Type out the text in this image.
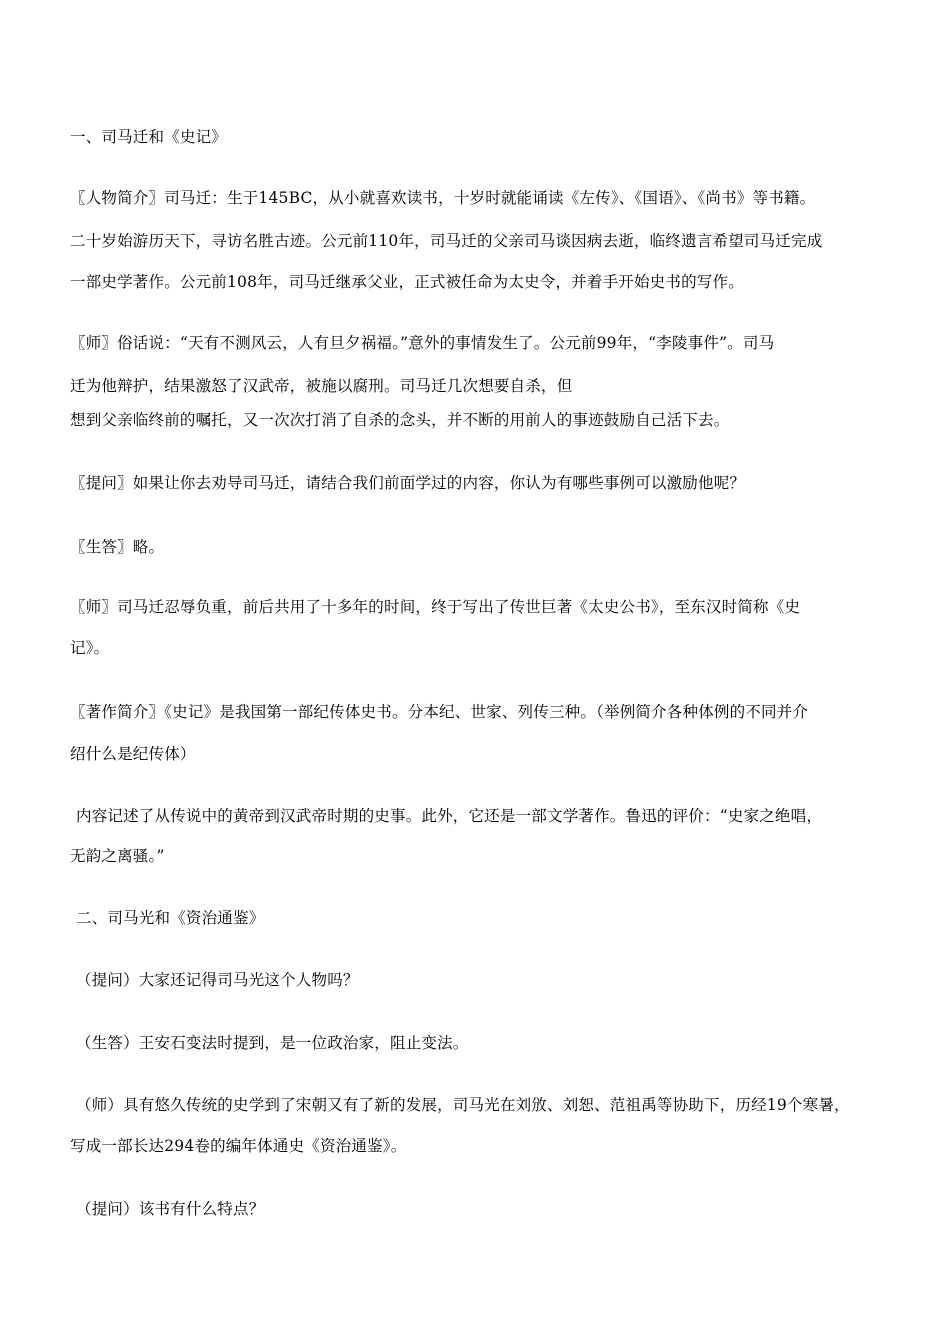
一、司马迁和《史记》
〖人物简介〗司马迁：生于145BC，从小就喜欢读书，十岁时就能诵读《左传》、《国语》、《尚书》等书籍。
二十岁始游历天下，寻访名胜古迹。公元前110年，司马迁的父亲司马谈因病去逝，临终遗言希望司马迁完成
一部史学著作。公元前108年，司马迁继承父业，正式被任命为太史令，并着手开始史书的写作。
〖师〗俗话说：“天有不测风云，人有旦夕祸福。”意外的事情发生了。公元前99年，“李陵事件”。司马
迁为他辩护，结果激怒了汉武帝，被施以腐刑。司马迁几次想要自杀，但
想到父亲临终前的嘱托，又一次次打消了自杀的念头，并不断的用前人的事迹鼓励自己活下去。
〖提问〗如果让你去劝导司马迁，请结合我们前面学过的内容，你认为有哪些事例可以激励他呢？
〖生答〗略。
〖师〗司马迁忍辱负重，前后共用了十多年的时间，终于写出了传世巨著《太史公书》，至东汉时简称《史
记》。
〖著作简介〗《史记》是我国第一部纪传体史书。分本纪、世家、列传三种。（举例简介各种体例的不同并介
绍什么是纪传体）
内容记述了从传说中的黄帝到汉武帝时期的史事。此外，它还是一部文学著作。鲁迅的评价：“史家之绝唱，
无韵之离骚。”
二、司马光和《资治通鉴》
（提问）大家还记得司马光这个人物吗？
（生答）王安石变法时提到，是一位政治家，阻止变法。
（师）具有悠久传统的史学到了宋朝又有了新的发展，司马光在刘攽、刘恕、范祖禹等协助下，历经19个寒暑，
写成一部长达294卷的编年体通史《资治通鉴》。
（提问）该书有什么特点？
